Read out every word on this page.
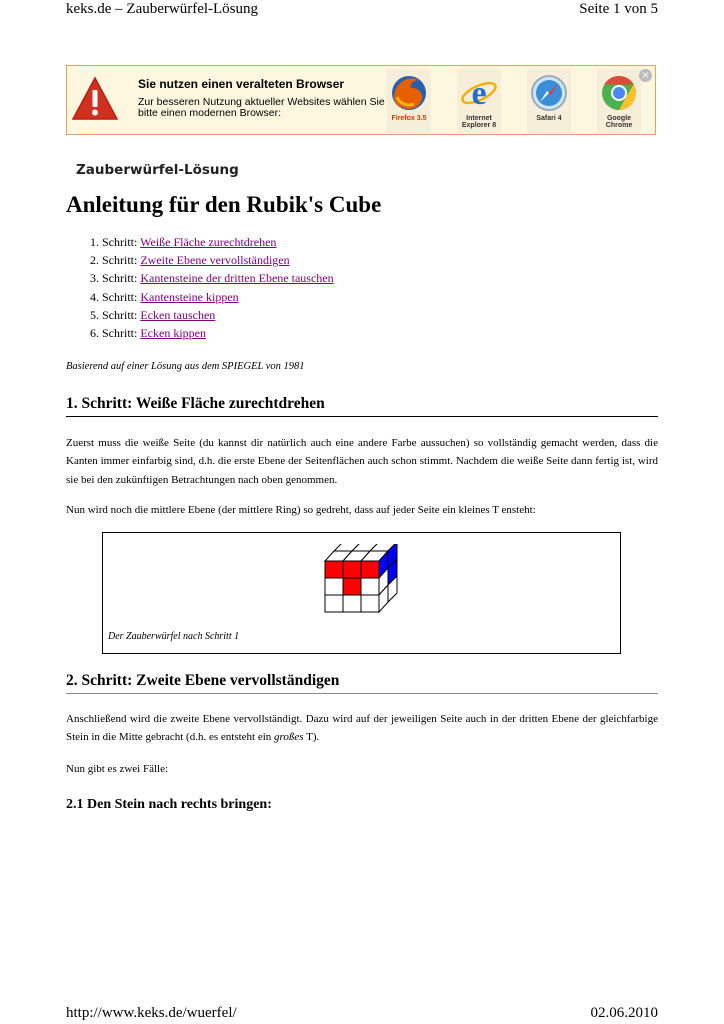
keks.de – Zauberwürfel-Lösung	Seite 1 von 5
Sie nutzen einen veralteten Browser
Zur besseren Nutzung aktueller Websites wählen Sie bitte einen modernen Browser:	Firefox 3.5
e
Internet Explorer 8
Safari 4	Google Chrome
×
Zauberwürfel-Lösung
Anleitung für den Rubik's Cube
1. Schritt: Weiße Fläche zurechtdrehen
2. Schritt: Zweite Ebene vervollständigen
3. Schritt: Kantensteine der dritten Ebene tauschen
4. Schritt: Kantensteine kippen
5. Schritt: Ecken tauschen
6. Schritt: Ecken kippen
Basierend auf einer Lösung aus dem SPIEGEL von 1981
1. Schritt: Weiße Fläche zurechtdrehen
Zuerst muss die weiße Seite (du kannst dir natürlich auch eine andere Farbe aussuchen) so vollständig gemacht werden, dass die Kanten immer einfarbig sind, d.h. die erste Ebene der Seitenflächen auch schon stimmt. Nachdem die weiße Seite dann fertig ist, wird sie bei den zukünftigen Betrachtungen nach oben genommen.
Nun wird noch die mittlere Ebene (der mittlere Ring) so gedreht, dass auf jeder Seite ein kleines T ensteht:
Der Zauberwürfel nach Schritt 1
2. Schritt: Zweite Ebene vervollständigen
Anschließend wird die zweite Ebene vervollständigt. Dazu wird auf der jeweiligen Seite auch in der dritten Ebene der gleichfarbige Stein in die Mitte gebracht (d.h. es entsteht ein großes T).
Nun gibt es zwei Fälle:
2.1 Den Stein nach rechts bringen:
http://www.keks.de/wuerfel/	02.06.2010
